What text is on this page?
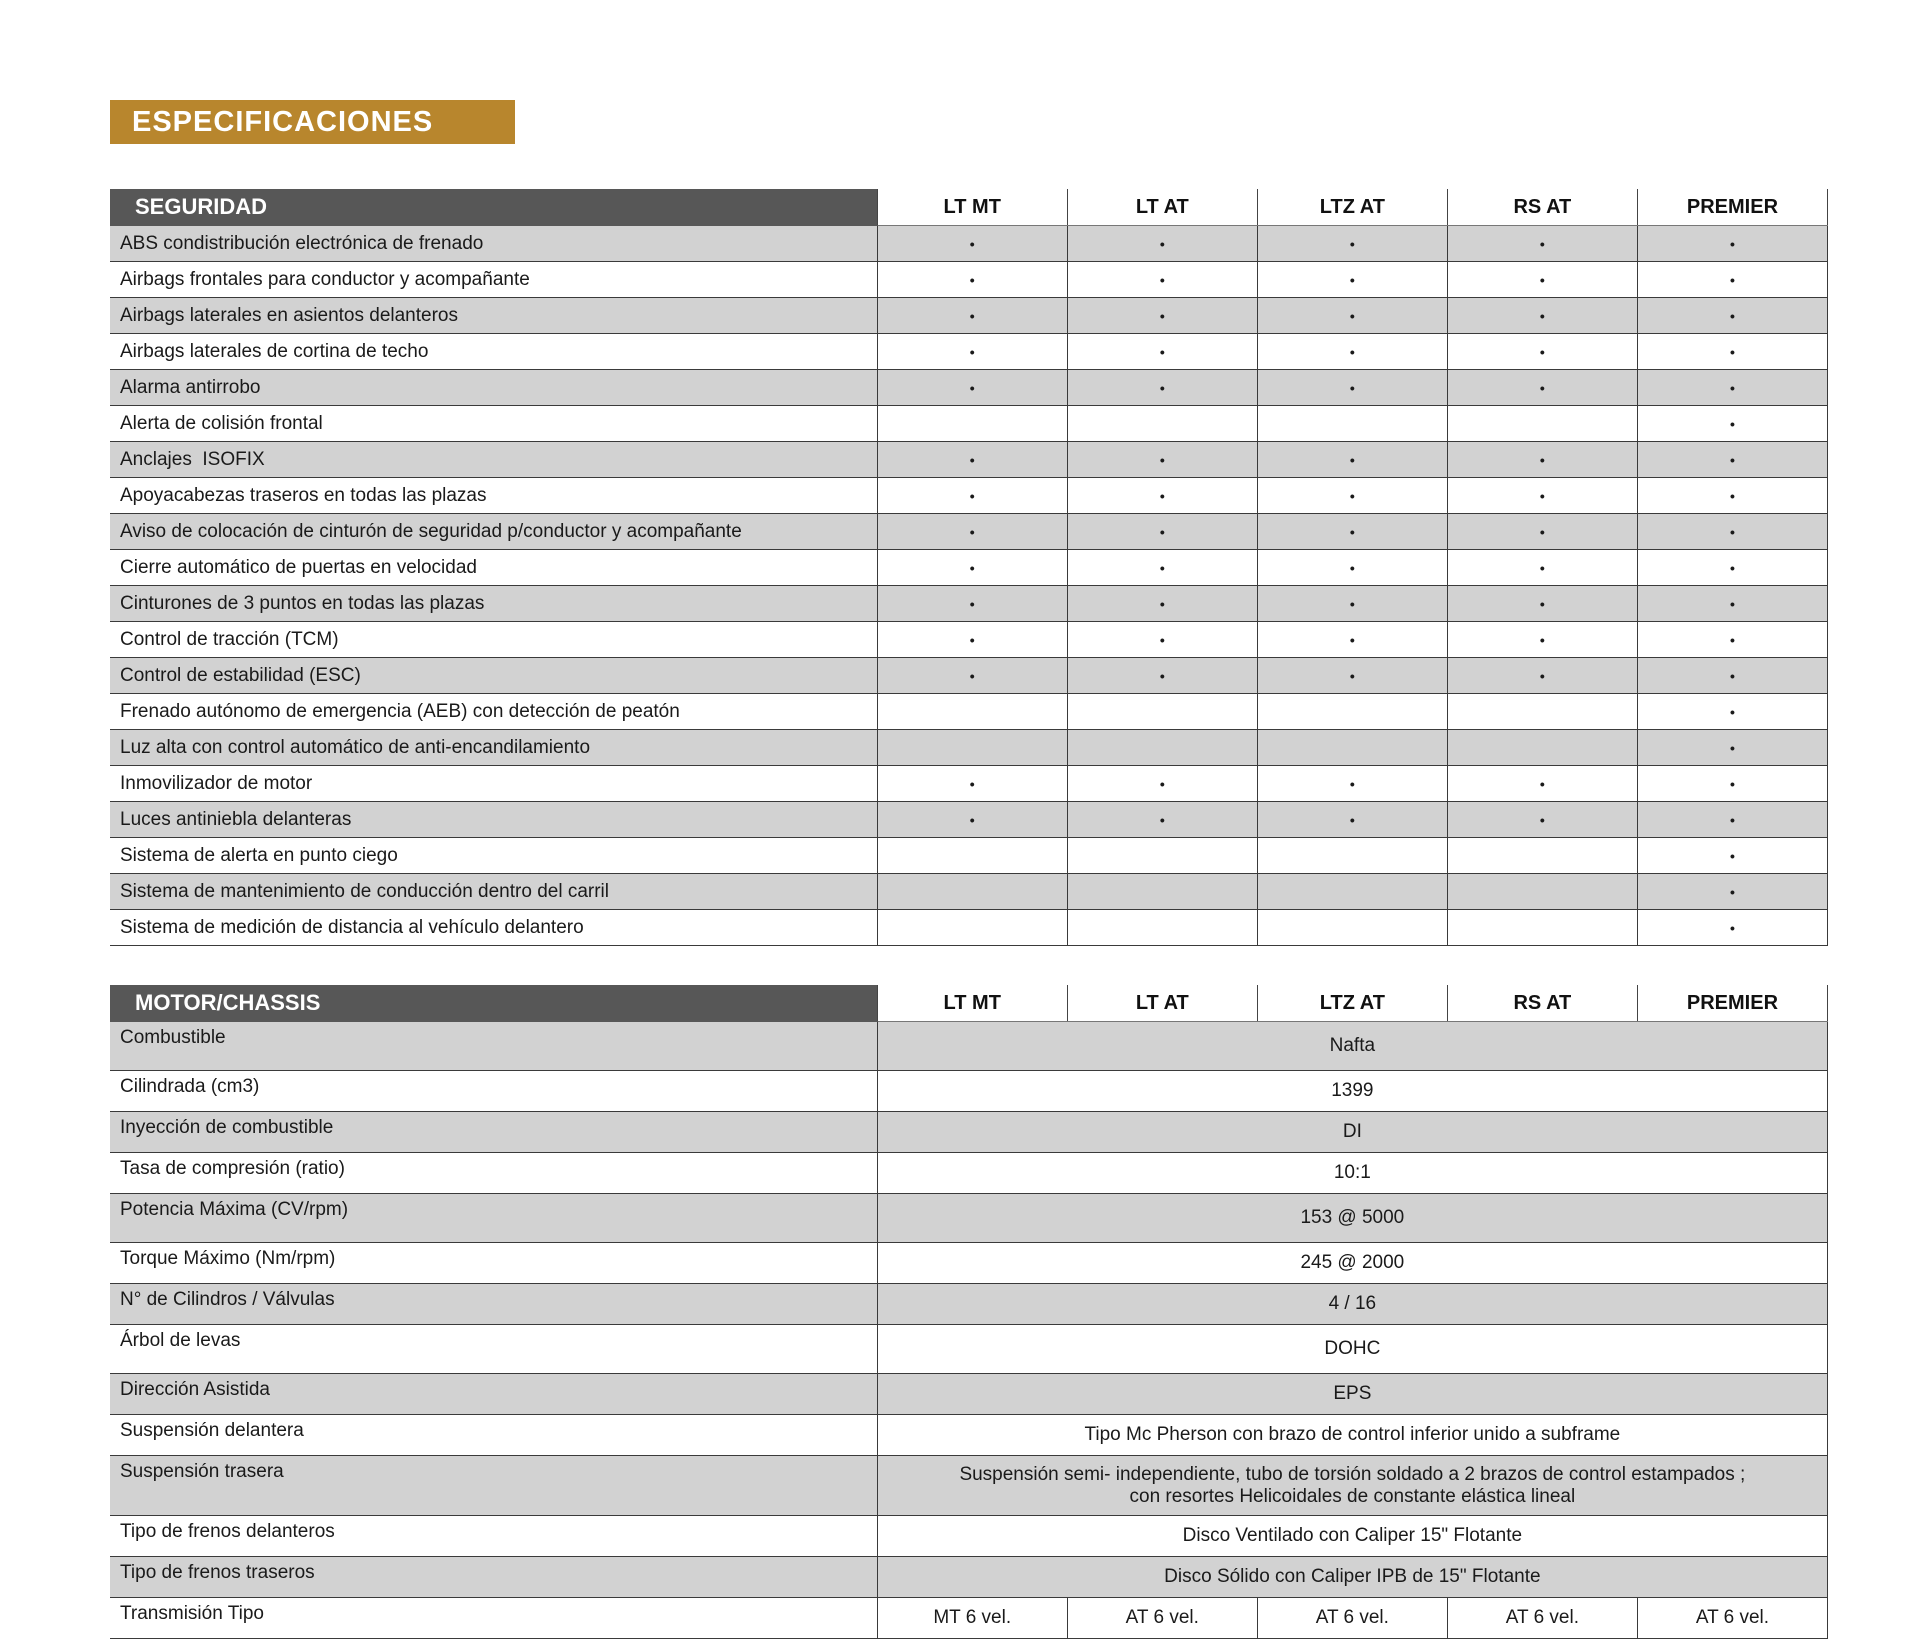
ESPECIFICACIONES
SEGURIDAD	LT MT	LT AT	LTZ AT	RS AT	PREMIER
ABS condistribución electrónica de frenado	•	•	•	•	•
Airbags frontales para conductor y acompañante	•	•	•	•	•
Airbags laterales en asientos delanteros	•	•	•	•	•
Airbags laterales de cortina de techo	•	•	•	•	•
Alarma antirrobo	•	•	•	•	•
Alerta de colisión frontal					•
Anclajes  ISOFIX	•	•	•	•	•
Apoyacabezas traseros en todas las plazas	•	•	•	•	•
Aviso de colocación de cinturón de seguridad p/conductor y acompañante	•	•	•	•	•
Cierre automático de puertas en velocidad	•	•	•	•	•
Cinturones de 3 puntos en todas las plazas	•	•	•	•	•
Control de tracción (TCM)	•	•	•	•	•
Control de estabilidad (ESC)	•	•	•	•	•
Frenado autónomo de emergencia (AEB) con detección de peatón					•
Luz alta con control automático de anti-encandilamiento					•
Inmovilizador de motor	•	•	•	•	•
Luces antiniebla delanteras	•	•	•	•	•
Sistema de alerta en punto ciego					•
Sistema de mantenimiento de conducción dentro del carril					•
Sistema de medición de distancia al vehículo delantero					•
MOTOR/CHASSIS	LT MT	LT AT	LTZ AT	RS AT	PREMIER
Combustible	Nafta				
Cilindrada (cm3)	1399				
Inyección de combustible	DI				
Tasa de compresión (ratio)	10:1				
Potencia Máxima (CV/rpm)	153 @ 5000				
Torque Máximo (Nm/rpm)	245 @ 2000				
N° de Cilindros / Válvulas	4 / 16				
Árbol de levas	DOHC				
Dirección Asistida	EPS				
Suspensión delantera	Tipo Mc Pherson con brazo de control inferior unido a subframe				
Suspensión trasera	Suspensión semi- independiente, tubo de torsión soldado a 2 brazos de control estampados ;
con resortes Helicoidales de constante elástica lineal				

Tipo de frenos delanteros	Disco Ventilado con Caliper 15" Flotante				
Tipo de frenos traseros	Disco Sólido con Caliper IPB de 15" Flotante				
Transmisión Tipo	MT 6 vel.	AT 6 vel.	AT 6 vel.	AT 6 vel.	AT 6 vel.
